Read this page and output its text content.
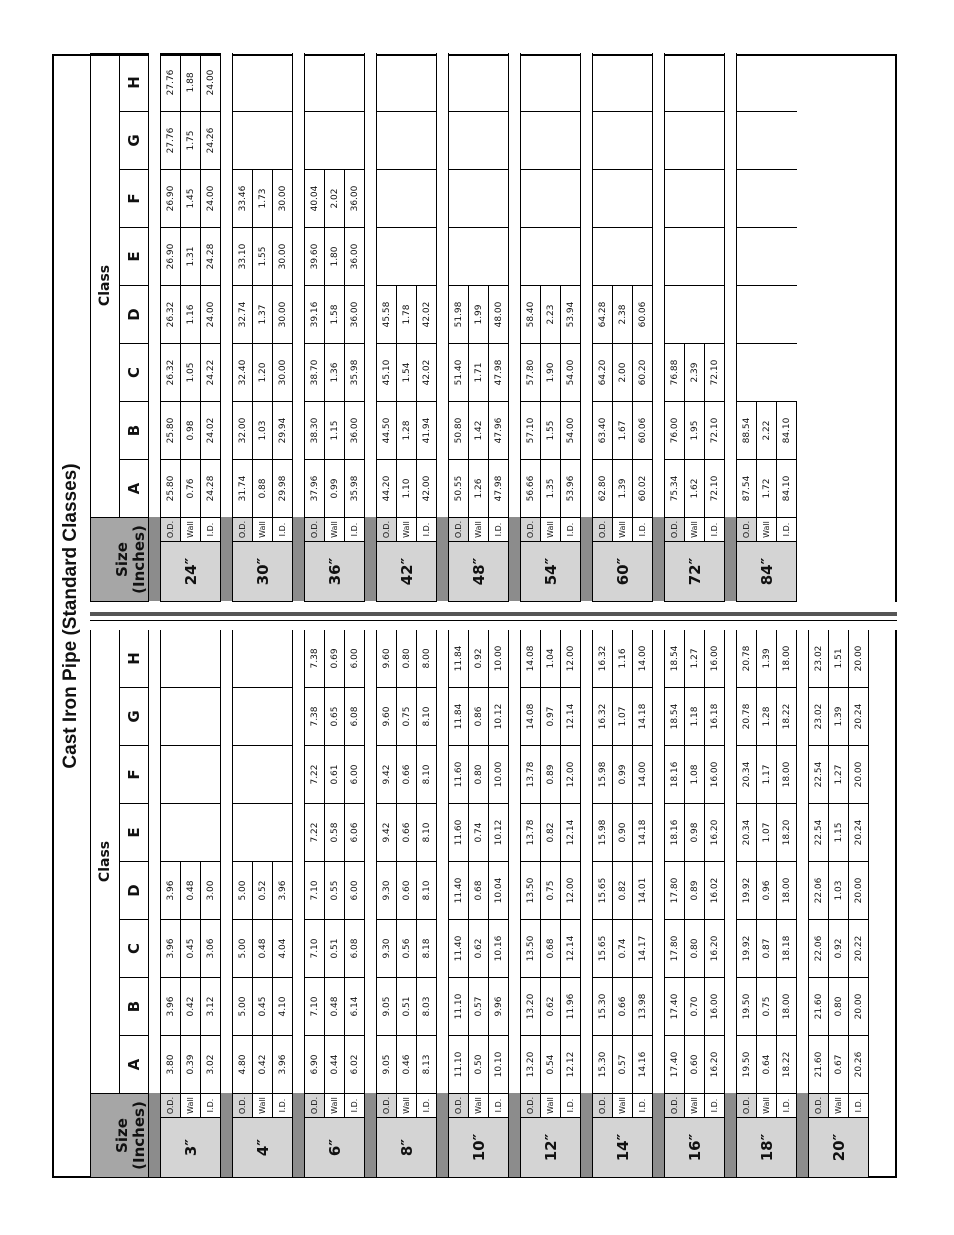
Cast Iron Pipe (Standard Classes)
Size
(Inches)		Class							
		A	B	C	D	E	F	G	H

3″	O.D.	3.80	3.96	3.96	3.96				
	Wall	0.39	0.42	0.45	0.48				
	I.D.	3.02	3.12	3.06	3.00				

4″	O.D.	4.80	5.00	5.00	5.00				
	Wall	0.42	0.45	0.48	0.52				
	I.D.	3.96	4.10	4.04	3.96				

6″	O.D.	6.90	7.10	7.10	7.10	7.22	7.22	7.38	7.38
	Wall	0.44	0.48	0.51	0.55	0.58	0.61	0.65	0.69
	I.D.	6.02	6.14	6.08	6.00	6.06	6.00	6.08	6.00

8″	O.D.	9.05	9.05	9.30	9.30	9.42	9.42	9.60	9.60
	Wall	0.46	0.51	0.56	0.60	0.66	0.66	0.75	0.80
	I.D.	8.13	8.03	8.18	8.10	8.10	8.10	8.10	8.00

10″	O.D.	11.10	11.10	11.40	11.40	11.60	11.60	11.84	11.84
	Wall	0.50	0.57	0.62	0.68	0.74	0.80	0.86	0.92
	I.D.	10.10	9.96	10.16	10.04	10.12	10.00	10.12	10.00

12″	O.D.	13.20	13.20	13.50	13.50	13.78	13.78	14.08	14.08
	Wall	0.54	0.62	0.68	0.75	0.82	0.89	0.97	1.04
	I.D.	12.12	11.96	12.14	12.00	12.14	12.00	12.14	12.00

14″	O.D.	15.30	15.30	15.65	15.65	15.98	15.98	16.32	16.32
	Wall	0.57	0.66	0.74	0.82	0.90	0.99	1.07	1.16
	I.D.	14.16	13.98	14.17	14.01	14.18	14.00	14.18	14.00

16″	O.D.	17.40	17.40	17.80	17.80	18.16	18.16	18.54	18.54
	Wall	0.60	0.70	0.80	0.89	0.98	1.08	1.18	1.27
	I.D.	16.20	16.00	16.20	16.02	16.20	16.00	16.18	16.00

18″	O.D.	19.50	19.50	19.92	19.92	20.34	20.34	20.78	20.78
	Wall	0.64	0.75	0.87	0.96	1.07	1.17	1.28	1.39
	I.D.	18.22	18.00	18.18	18.00	18.20	18.00	18.22	18.00

20″	O.D.	21.60	21.60	22.06	22.06	22.54	22.54	23.02	23.02
	Wall	0.67	0.80	0.92	1.03	1.15	1.27	1.39	1.51
	I.D.	20.26	20.00	20.22	20.00	20.24	20.00	20.24	20.00
Size
(Inches)		Class							
		A	B	C	D	E	F	G	H

24″	O.D.	25.80	25.80	26.32	26.32	26.90	26.90	27.76	27.76
	Wall	0.76	0.98	1.05	1.16	1.31	1.45	1.75	1.88
	I.D.	24.28	24.02	24.22	24.00	24.28	24.00	24.26	24.00

30″	O.D.	31.74	32.00	32.40	32.74	33.10	33.46		
	Wall	0.88	1.03	1.20	1.37	1.55	1.73		
	I.D.	29.98	29.94	30.00	30.00	30.00	30.00		

36″	O.D.	37.96	38.30	38.70	39.16	39.60	40.04		
	Wall	0.99	1.15	1.36	1.58	1.80	2.02		
	I.D.	35.98	36.00	35.98	36.00	36.00	36.00		

42″	O.D.	44.20	44.50	45.10	45.58				
	Wall	1.10	1.28	1.54	1.78				
	I.D.	42.00	41.94	42.02	42.02				

48″	O.D.	50.55	50.80	51.40	51.98				
	Wall	1.26	1.42	1.71	1.99				
	I.D.	47.98	47.96	47.98	48.00				

54″	O.D.	56.66	57.10	57.80	58.40				
	Wall	1.35	1.55	1.90	2.23				
	I.D.	53.96	54.00	54.00	53.94				

60″	O.D.	62.80	63.40	64.20	64.28				
	Wall	1.39	1.67	2.00	2.38				
	I.D.	60.02	60.06	60.20	60.06				

72″	O.D.	75.34	76.00	76.88					
	Wall	1.62	1.95	2.39					
	I.D.	72.10	72.10	72.10					

84″	O.D.	87.54	88.54						
	Wall	1.72	2.22						
	I.D.	84.10	84.10						
